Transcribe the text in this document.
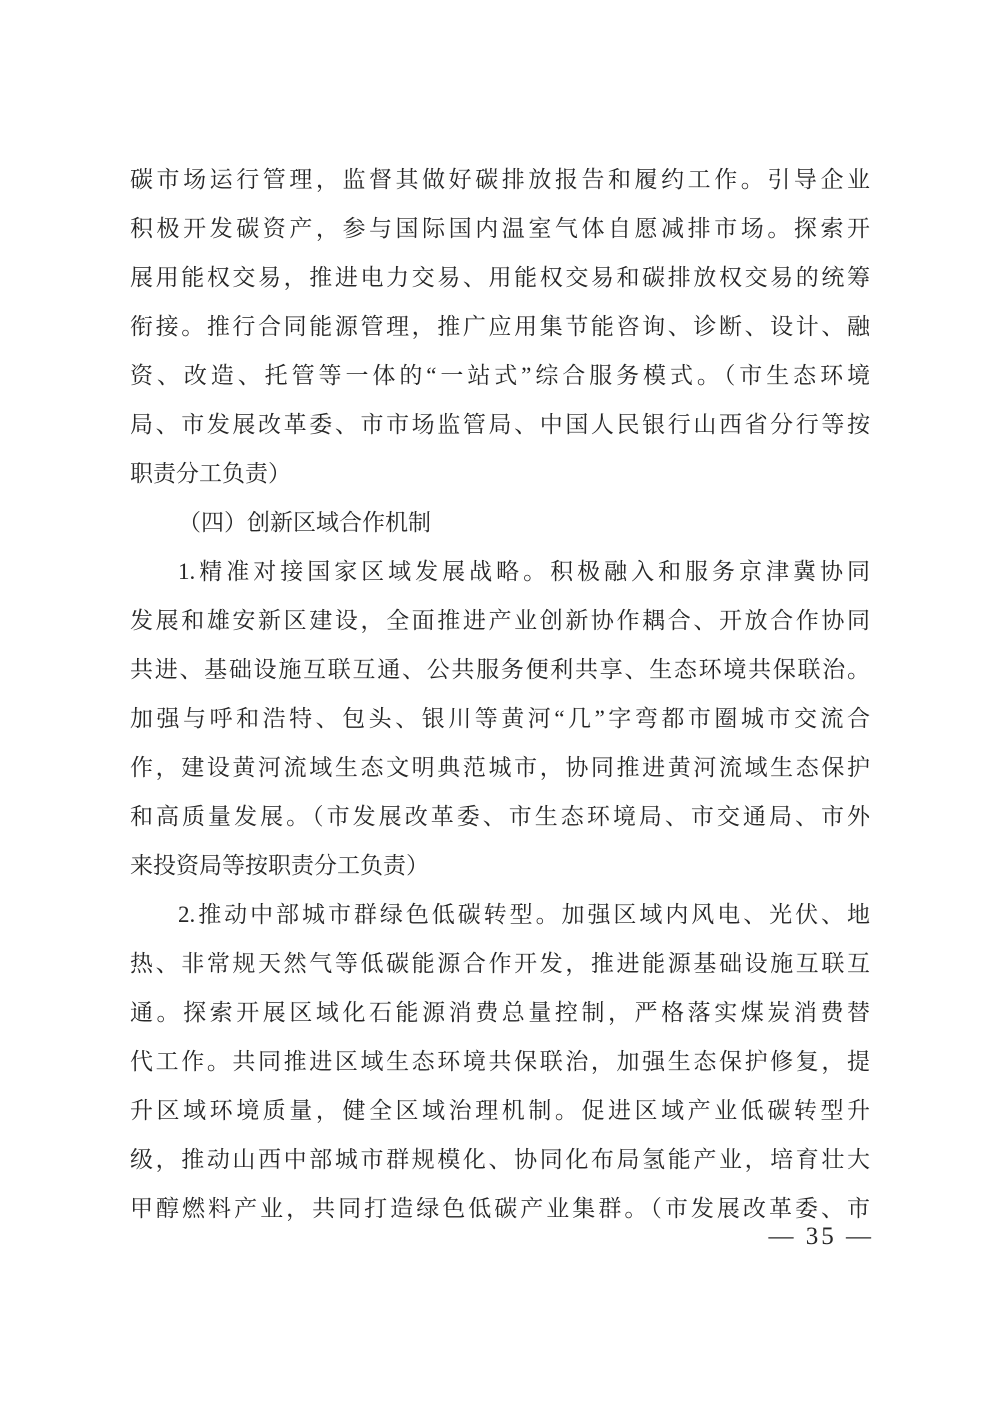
碳市场运行管理，监督其做好碳排放报告和履约工作。引导企业
积极开发碳资产，参与国际国内温室气体自愿减排市场。探索开
展用能权交易，推进电力交易、用能权交易和碳排放权交易的统筹
衔接。推行合同能源管理，推广应用集节能咨询、诊断、设计、融
资、改造、托管等一体的“一站式”综合服务模式。（市生态环境
局、市发展改革委、市市场监管局、中国人民银行山西省分行等按
职责分工负责）
（四）创新区域合作机制
1.精准对接国家区域发展战略。积极融入和服务京津冀协同
发展和雄安新区建设，全面推进产业创新协作耦合、开放合作协同
共进、基础设施互联互通、公共服务便利共享、生态环境共保联治。
加强与呼和浩特、包头、银川等黄河“几”字弯都市圈城市交流合
作，建设黄河流域生态文明典范城市，协同推进黄河流域生态保护
和高质量发展。（市发展改革委、市生态环境局、市交通局、市外
来投资局等按职责分工负责）
2.推动中部城市群绿色低碳转型。加强区域内风电、光伏、地
热、非常规天然气等低碳能源合作开发，推进能源基础设施互联互
通。探索开展区域化石能源消费总量控制，严格落实煤炭消费替
代工作。共同推进区域生态环境共保联治，加强生态保护修复，提
升区域环境质量，健全区域治理机制。促进区域产业低碳转型升
级，推动山西中部城市群规模化、协同化布局氢能产业，培育壮大
甲醇燃料产业，共同打造绿色低碳产业集群。（市发展改革委、市
— 35 —
